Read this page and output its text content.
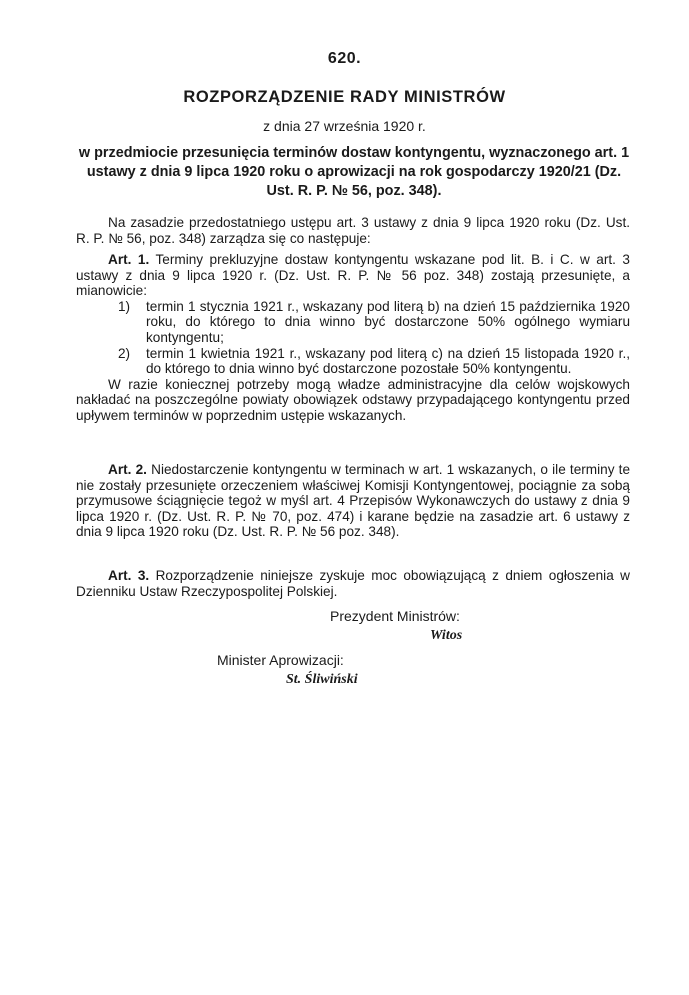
620.
ROZPORZĄDZENIE RADY MINISTRÓW
z dnia 27 września 1920 r.
w przedmiocie przesunięcia terminów dostaw kontyngentu, wyznaczonego art. 1 ustawy z dnia 9 lipca 1920 roku o aprowizacji na rok gospodarczy 1920/21 (Dz. Ust. R. P. № 56, poz. 348).

Na zasadzie przedostatniego ustępu art. 3 ustawy z dnia 9 lipca 1920 roku (Dz. Ust. R. P. № 56, poz. 348) zarządza się co następuje:

Art. 1. Terminy prekluzyjne dostaw kontyngentu wskazane pod lit. B. i C. w art. 3 ustawy z dnia 9 lipca 1920 r. (Dz. Ust. R. P. № 56 poz. 348) zostają przesunięte, a mianowicie:

1) termin 1 stycznia 1921 r., wskazany pod literą b) na dzień 15 października 1920 roku, do którego to dnia winno być dostarczone 50% ogólnego wymiaru kontyngentu;
2) termin 1 kwietnia 1921 r., wskazany pod literą c) na dzień 15 listopada 1920 r., do którego to dnia winno być dostarczone pozostałe 50% kontyngentu.

W razie koniecznej potrzeby mogą władze administracyjne dla celów wojskowych nakładać na poszczególne powiaty obowiązek odstawy przypadającego kontyngentu przed upływem terminów w poprzednim ustępie wskazanych.

Art. 2. Niedostarczenie kontyngentu w terminach w art. 1 wskazanych, o ile terminy te nie zostały przesunięte orzeczeniem właściwej Komisji Kontyngentowej, pociągnie za sobą przymusowe ściągnięcie tegoż w myśl art. 4 Przepisów Wykonawczych do ustawy z dnia 9 lipca 1920 r. (Dz. Ust. R. P. № 70, poz. 474) i karane będzie na zasadzie art. 6 ustawy z dnia 9 lipca 1920 roku (Dz. Ust. R. P. № 56 poz. 348).

Art. 3. Rozporządzenie niniejsze zyskuje moc obowiązującą z dniem ogłoszenia w Dzienniku Ustaw Rzeczypospolitej Polskiej.

Prezydent Ministrów:
Witos
Minister Aprowizacji:
St. Śliwiński
